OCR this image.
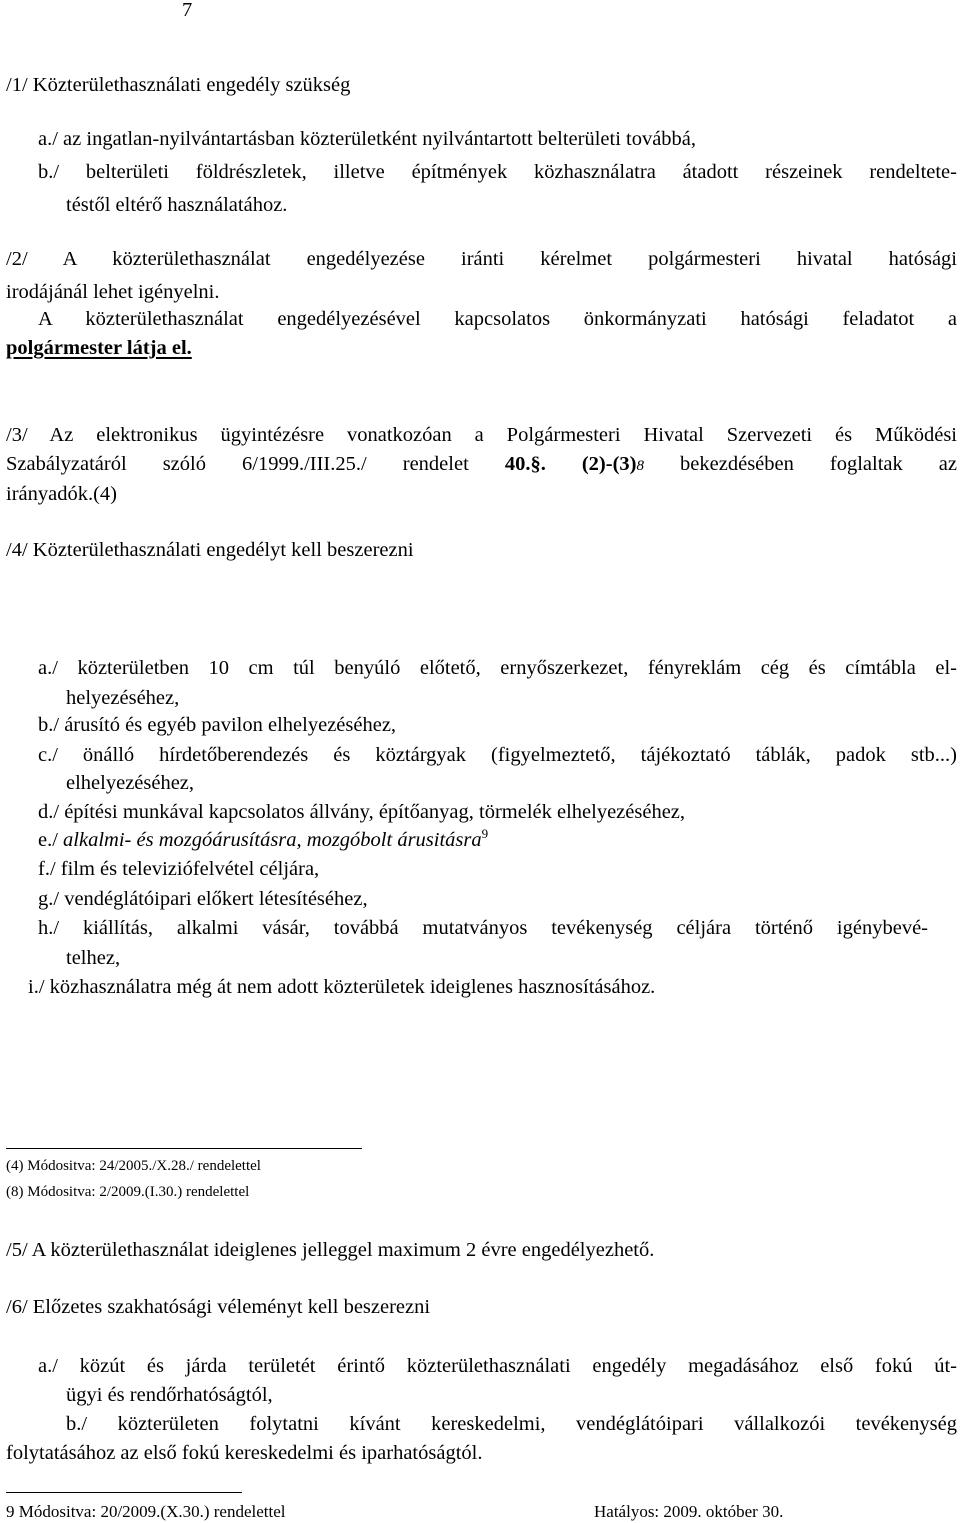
7
/1/ Közterülethasználati engedély szükség
a./ az ingatlan-nyilvántartásban közterületként nyilvántartott belterületi továbbá,
b./ belterületi földrészletek, illetve építmények közhasználatra átadott részeinek rendeltete-
téstől eltérő használatához.
/2/ A közterülethasználat engedélyezése iránti kérelmet polgármesteri hivatal hatósági
irodájánál lehet igényelni.
A közterülethasználat engedélyezésével kapcsolatos önkormányzati hatósági feladatot a
polgármester látja el.
/3/ Az elektronikus ügyintézésre vonatkozóan a Polgármesteri Hivatal Szervezeti és Működési
Szabályzatáról szóló 6/1999./III.25./ rendelet 40.§. (2)-(3)8 bekezdésében foglaltak az
irányadók.(4)
/4/ Közterülethasználati engedélyt kell beszerezni
a./ közterületben 10 cm túl benyúló előtető, ernyőszerkezet, fényreklám cég és címtábla el-
helyezéséhez,
b./ árusító és egyéb pavilon elhelyezéséhez,
c./ önálló hírdetőberendezés és köztárgyak (figyelmeztető, tájékoztató táblák, padok stb...)
elhelyezéséhez,
d./ építési munkával kapcsolatos állvány, építőanyag, törmelék elhelyezéséhez,
e./ alkalmi- és mozgóárusításra, mozgóbolt árusitásra$^9$
f./ film és televiziófelvétel céljára,
g./ vendéglátóipari előkert létesítéséhez,
h./ kiállítás, alkalmi vásár, továbbá mutatványos tevékenység céljára történő igénybevé-
telhez,
i./ közhasználatra még át nem adott közterületek ideiglenes hasznosításához.
(4) Módositva: 24/2005./X.28./ rendelettel
(8) Módositva: 2/2009.(I.30.) rendelettel
/5/ A közterülethasználat ideiglenes jelleggel maximum 2 évre engedélyezhető.
/6/ Előzetes szakhatósági véleményt kell beszerezni
a./ közút és járda területét érintő közterülethasználati engedély megadásához első fokú út-
ügyi és rendőrhatóságtól,
b./ közterületen folytatni kívánt kereskedelmi, vendéglátóipari vállalkozói tevékenység
folytatásához az első fokú kereskedelmi és iparhatóságtól.
9 Módositva: 20/2009.(X.30.) rendelettel	Hatályos: 2009. október 30.
